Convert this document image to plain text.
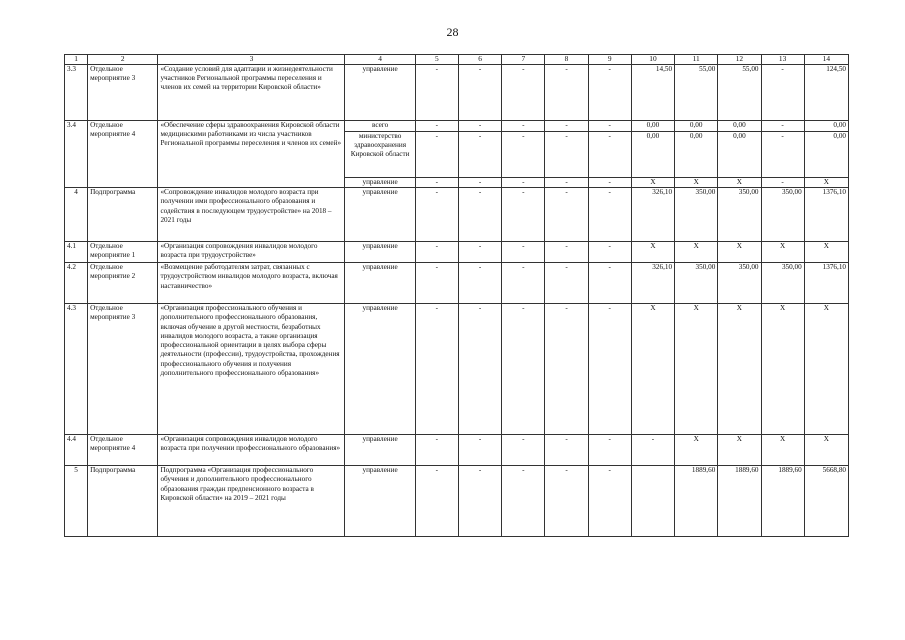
28
1	2	3	4	5	6	7	8	9	10	11	12	13	14
3.3	Отдельное мероприятие 3	«Создание условий для адаптации и жизнедеятельности участников Региональной программы переселения и членов их семей на территории Кировской области»	управление	-	-	-	-	-	14,50	55,00	55,00	-	124,50
3.4	Отдельное мероприятие 4	«Обеспечение сферы здравоохранения Кировской области медицинскими работниками из числа участников Региональной программы переселения и членов их семей»	всего	-	-	-	-	-	0,00	0,00	0,00	-	0,00
			министерство здравоохранения Кировской области	-	-	-	-	-	0,00	0,00	0,00	-	0,00
			управление	-	-	-	-	-	X	X	X	-	X
4	Подпрограмма	«Сопровождение инвалидов молодого возраста при получении ими профессионального образования и содействия в последующем трудоустройстве» на 2018 – 2021 годы	управление	-	-	-	-	-	326,10	350,00	350,00	350,00	1376,10
4.1	Отдельное мероприятие 1	«Организация сопровождения инвалидов молодого возраста при трудоустройстве»	управление	-	-	-	-	-	X	X	X	X	X
4.2	Отдельное мероприятие 2	«Возмещение работодателям затрат, связанных с трудоустройством инвалидов молодого возраста, включая наставничество»	управление	-	-	-	-	-	326,10	350,00	350,00	350,00	1376,10
4.3	Отдельное мероприятие 3	«Организация профессионального обучения и дополнительного профессионального образования, включая обучение в другой местности, безработных инвалидов молодого возраста, а также организация профессиональной ориентации в целях выбора сферы деятельности (профессии), трудоустройства, прохождения профессионального обучения и получения дополнительного профессионального образования»	управление	-	-	-	-	-	X	X	X	X	X
4.4	Отдельное мероприятие 4	«Организация сопровождения инвалидов молодого возраста при получении профессионального образования»	управление	-	-	-	-	-	-	X	X	X	X
5	Подпрограмма	Подпрограмма «Организация профессионального обучения и дополнительного профессионального образования граждан предпенсионного возраста в Кировской области» на 2019 – 2021 годы	управление	-	-	-	-	-		1889,60	1889,60	1889,60	5668,80
